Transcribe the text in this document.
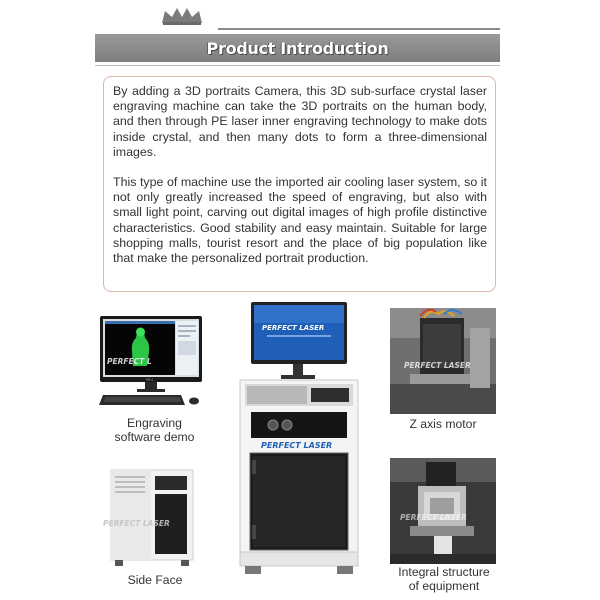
Product Introduction

By adding a 3D portraits Camera, this 3D sub-surface crystal laser engraving machine can take the 3D portraits on the human body, and then through PE laser inner engraving technology to make dots inside crystal, and then many dots to form a three-dimensional images.

This type of machine use the imported air cooling laser system, so it not only greatly increased the speed of engraving, but also with small light point, carving out digital images of high profile distinctive characteristics. Good stability and easy maintain. Suitable for large shopping malls, tourist resort and the place of big population like that make the personalized portrait production.

PERFECT L
DELL
Engraving
software demo
PERFECT LASER
PERFECT LASER
PERFECT LASER
Z axis motor
PERFECT LASER
Side Face
PERFECT LASER
Integral structure
of equipment
